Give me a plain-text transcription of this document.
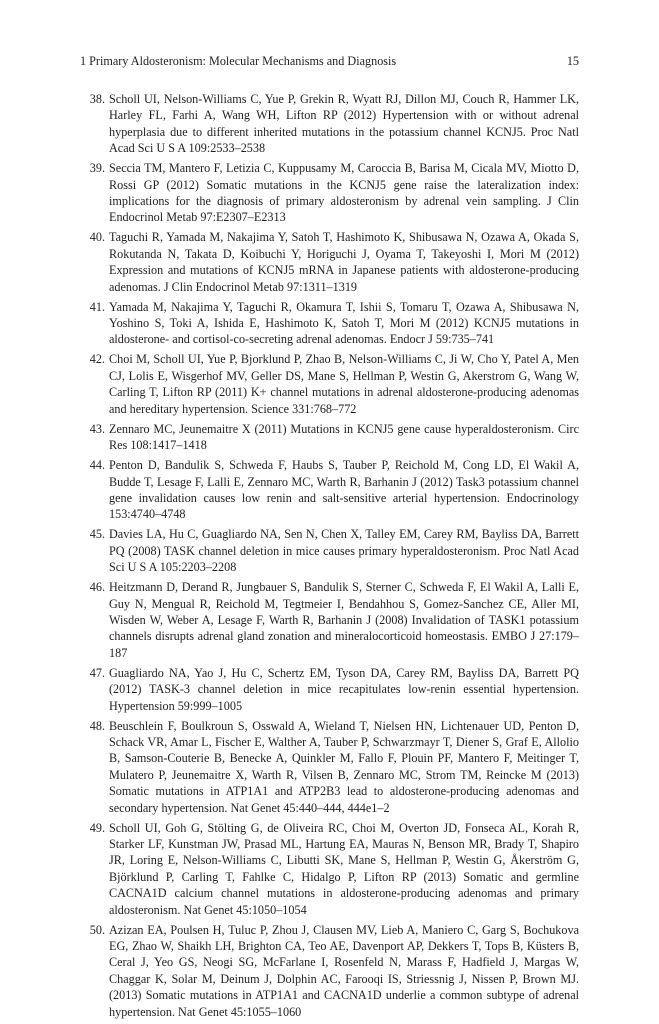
1 Primary Aldosteronism: Molecular Mechanisms and Diagnosis	15
38. Scholl UI, Nelson-Williams C, Yue P, Grekin R, Wyatt RJ, Dillon MJ, Couch R, Hammer LK, Harley FL, Farhi A, Wang WH, Lifton RP (2012) Hypertension with or without adrenal hyperplasia due to different inherited mutations in the potassium channel KCNJ5. Proc Natl Acad Sci U S A 109:2533–2538
39. Seccia TM, Mantero F, Letizia C, Kuppusamy M, Caroccia B, Barisa M, Cicala MV, Miotto D, Rossi GP (2012) Somatic mutations in the KCNJ5 gene raise the lateralization index: implications for the diagnosis of primary aldosteronism by adrenal vein sampling. J Clin Endocrinol Metab 97:E2307–E2313
40. Taguchi R, Yamada M, Nakajima Y, Satoh T, Hashimoto K, Shibusawa N, Ozawa A, Okada S, Rokutanda N, Takata D, Koibuchi Y, Horiguchi J, Oyama T, Takeyoshi I, Mori M (2012) Expression and mutations of KCNJ5 mRNA in Japanese patients with aldosterone-producing adenomas. J Clin Endocrinol Metab 97:1311–1319
41. Yamada M, Nakajima Y, Taguchi R, Okamura T, Ishii S, Tomaru T, Ozawa A, Shibusawa N, Yoshino S, Toki A, Ishida E, Hashimoto K, Satoh T, Mori M (2012) KCNJ5 mutations in aldosterone- and cortisol-co-secreting adrenal adenomas. Endocr J 59:735–741
42. Choi M, Scholl UI, Yue P, Bjorklund P, Zhao B, Nelson-Williams C, Ji W, Cho Y, Patel A, Men CJ, Lolis E, Wisgerhof MV, Geller DS, Mane S, Hellman P, Westin G, Akerstrom G, Wang W, Carling T, Lifton RP (2011) K+ channel mutations in adrenal aldosterone-producing adenomas and hereditary hypertension. Science 331:768–772
43. Zennaro MC, Jeunemaitre X (2011) Mutations in KCNJ5 gene cause hyperaldosteronism. Circ Res 108:1417–1418
44. Penton D, Bandulik S, Schweda F, Haubs S, Tauber P, Reichold M, Cong LD, El Wakil A, Budde T, Lesage F, Lalli E, Zennaro MC, Warth R, Barhanin J (2012) Task3 potassium channel gene invalidation causes low renin and salt-sensitive arterial hypertension. Endocrinology 153:4740–4748
45. Davies LA, Hu C, Guagliardo NA, Sen N, Chen X, Talley EM, Carey RM, Bayliss DA, Barrett PQ (2008) TASK channel deletion in mice causes primary hyperaldosteronism. Proc Natl Acad Sci U S A 105:2203–2208
46. Heitzmann D, Derand R, Jungbauer S, Bandulik S, Sterner C, Schweda F, El Wakil A, Lalli E, Guy N, Mengual R, Reichold M, Tegtmeier I, Bendahhou S, Gomez-Sanchez CE, Aller MI, Wisden W, Weber A, Lesage F, Warth R, Barhanin J (2008) Invalidation of TASK1 potassium channels disrupts adrenal gland zonation and mineralocorticoid homeostasis. EMBO J 27:179–187
47. Guagliardo NA, Yao J, Hu C, Schertz EM, Tyson DA, Carey RM, Bayliss DA, Barrett PQ (2012) TASK-3 channel deletion in mice recapitulates low-renin essential hypertension. Hypertension 59:999–1005
48. Beuschlein F, Boulkroun S, Osswald A, Wieland T, Nielsen HN, Lichtenauer UD, Penton D, Schack VR, Amar L, Fischer E, Walther A, Tauber P, Schwarzmayr T, Diener S, Graf E, Allolio B, Samson-Couterie B, Benecke A, Quinkler M, Fallo F, Plouin PF, Mantero F, Meitinger T, Mulatero P, Jeunemaitre X, Warth R, Vilsen B, Zennaro MC, Strom TM, Reincke M (2013) Somatic mutations in ATP1A1 and ATP2B3 lead to aldosterone-producing adenomas and secondary hypertension. Nat Genet 45:440–444, 444e1–2
49. Scholl UI, Goh G, Stölting G, de Oliveira RC, Choi M, Overton JD, Fonseca AL, Korah R, Starker LF, Kunstman JW, Prasad ML, Hartung EA, Mauras N, Benson MR, Brady T, Shapiro JR, Loring E, Nelson-Williams C, Libutti SK, Mane S, Hellman P, Westin G, Åkerström G, Björklund P, Carling T, Fahlke C, Hidalgo P, Lifton RP (2013) Somatic and germline CACNA1D calcium channel mutations in aldosterone-producing adenomas and primary aldosteronism. Nat Genet 45:1050–1054
50. Azizan EA, Poulsen H, Tuluc P, Zhou J, Clausen MV, Lieb A, Maniero C, Garg S, Bochukova EG, Zhao W, Shaikh LH, Brighton CA, Teo AE, Davenport AP, Dekkers T, Tops B, Küsters B, Ceral J, Yeo GS, Neogi SG, McFarlane I, Rosenfeld N, Marass F, Hadfield J, Margas W, Chaggar K, Solar M, Deinum J, Dolphin AC, Farooqi IS, Striessnig J, Nissen P, Brown MJ. (2013) Somatic mutations in ATP1A1 and CACNA1D underlie a common subtype of adrenal hypertension. Nat Genet 45:1055–1060
